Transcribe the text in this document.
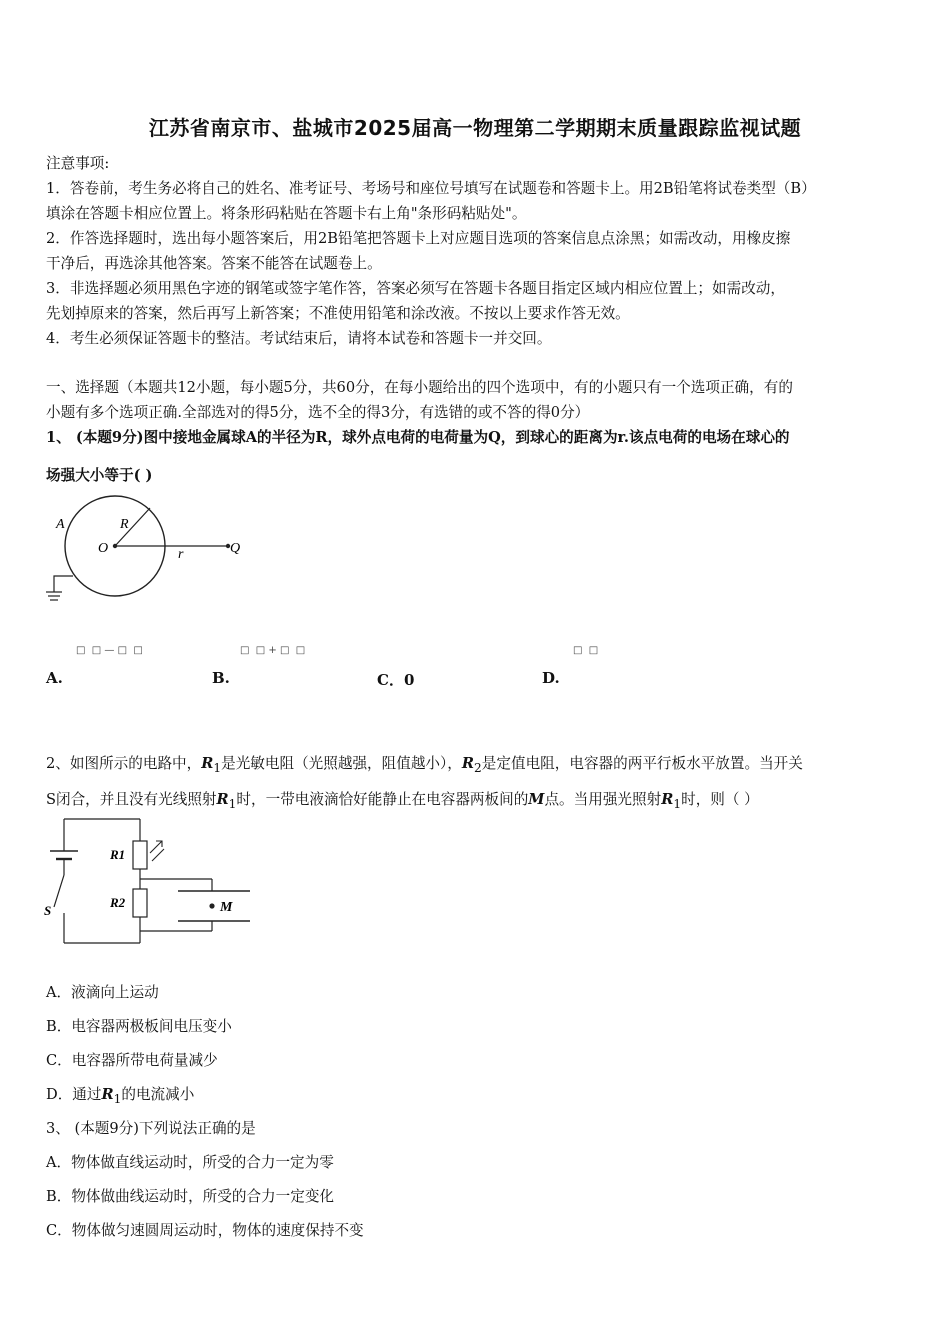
江苏省南京市、盐城市2025届高一物理第二学期期末质量跟踪监视试题
注意事项:
1．答卷前，考生务必将自己的姓名、准考证号、考场号和座位号填写在试题卷和答题卡上。用2B铅笔将试卷类型（B）
填涂在答题卡相应位置上。将条形码粘贴在答题卡右上角"条形码粘贴处"。
2．作答选择题时，选出每小题答案后，用2B铅笔把答题卡上对应题目选项的答案信息点涂黑；如需改动，用橡皮擦
干净后，再选涂其他答案。答案不能答在试题卷上。
3．非选择题必须用黑色字迹的钢笔或签字笔作答，答案必须写在答题卡各题目指定区域内相应位置上；如需改动，
先划掉原来的答案，然后再写上新答案；不准使用铅笔和涂改液。不按以上要求作答无效。
4．考生必须保证答题卡的整洁。考试结束后，请将本试卷和答题卡一并交回。
一、选择题（本题共12小题，每小题5分，共60分，在每小题给出的四个选项中，有的小题只有一个选项正确，有的
小题有多个选项正确.全部选对的得5分，选不全的得3分，有选错的或不答的得0分）
1、 (本题9分)图中接地金属球A的半径为R，球外点电荷的电荷量为Q，到球心的距离为r.该点电荷的电场在球心的
场强大小等于( )
A	R
O	r	Q
□  □ — □  □	□  □ + □  □	□  □
A.	B.	C．0	D.
2、如图所示的电路中，$R_1$是光敏电阻（光照越强，阻值越小），$R_2$是定值电阻，电容器的两平行板水平放置。当开关
S闭合，并且没有光线照射$R_1$时，一带电液滴恰好能静止在电容器两板间的M点。当用强光照射$R_1$时，则（ ）
R1
R2
S	M
A．液滴向上运动
B．电容器两极板间电压变小
C．电容器所带电荷量减少
D．通过$R_1$的电流减小
3、 (本题9分)下列说法正确的是
A．物体做直线运动时，所受的合力一定为零
B．物体做曲线运动时，所受的合力一定变化
C．物体做匀速圆周运动时，物体的速度保持不变
